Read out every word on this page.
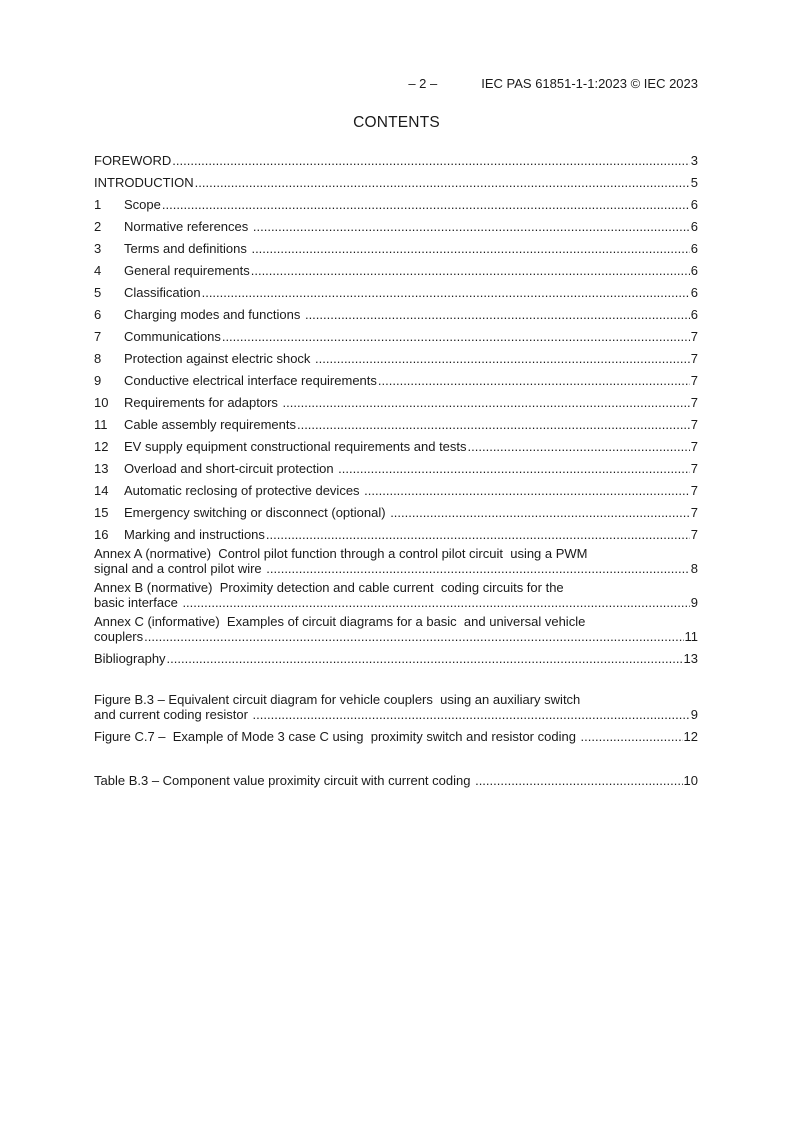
– 2 –	IEC PAS 61851-1-1:2023 © IEC 2023
CONTENTS
FOREWORD .....	3
INTRODUCTION .....	5
1	Scope .....	6
2	Normative references .....	6
3	Terms and definitions .....	6
4	General requirements .....	6
5	Classification .....	6
6	Charging modes and functions .....	6
7	Communications .....	7
8	Protection against electric shock .....	7
9	Conductive electrical interface requirements .....	7
10	Requirements for adaptors .....	7
11	Cable assembly requirements .....	7
12	EV supply equipment constructional requirements and tests .....	7
13	Overload and short-circuit protection .....	7
14	Automatic reclosing of protective devices .....	7
15	Emergency switching or disconnect (optional) .....	7
16	Marking and instructions .....	7
Annex A (normative)  Control pilot function through a control pilot circuit  using a PWM
signal and a control pilot wire .....	8
Annex B (normative)  Proximity detection and cable current  coding circuits for the
basic interface .....	9
Annex C (informative)  Examples of circuit diagrams for a basic  and universal vehicle
couplers .....	11
Bibliography .....	13
Figure B.3 – Equivalent circuit diagram for vehicle couplers  using an auxiliary switch
and current coding resistor .....	9
Figure C.7 –  Example of Mode 3 case C using  proximity switch and resistor coding .....	12
Table B.3 – Component value proximity circuit with current coding .....	10
